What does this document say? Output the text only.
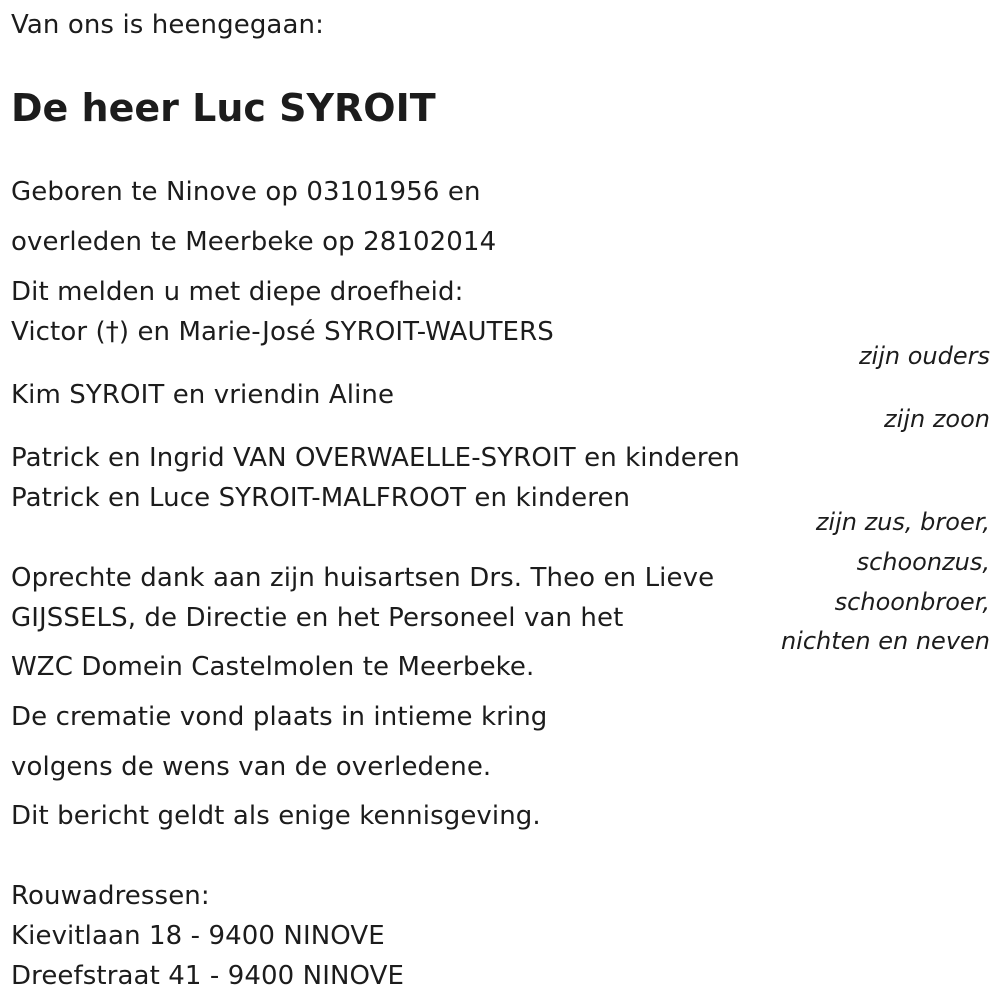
Van ons is heengegaan:
De heer Luc SYROIT
Geboren te Ninove op 03101956 en
overleden te Meerbeke op 28102014
Dit melden u met diepe droefheid:
Victor (†) en Marie-José SYROIT-WAUTERS
zijn ouders
Kim SYROIT en vriendin Aline
zijn zoon
Patrick en Ingrid VAN OVERWAELLE-SYROIT en kinderen
Patrick en Luce SYROIT-MALFROOT en kinderen
zijn zus, broer,
schoonzus,
schoonbroer,
nichten en neven
Oprechte dank aan zijn huisartsen Drs. Theo en Lieve
GIJSSELS, de Directie en het Personeel van het
WZC Domein Castelmolen te Meerbeke.
De crematie vond plaats in intieme kring
volgens de wens van de overledene.
Dit bericht geldt als enige kennisgeving.
Rouwadressen:
Kievitlaan 18 - 9400 NINOVE
Dreefstraat 41 - 9400 NINOVE
